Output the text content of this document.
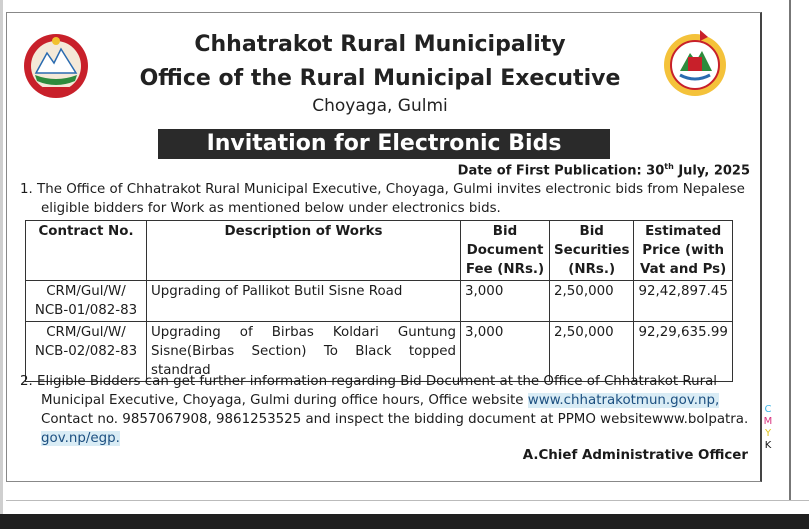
Chhatrakot Rural Municipality
Office of the Rural Municipal Executive
Choyaga, Gulmi
Invitation for Electronic Bids
Date of First Publication: 30th July, 2025
1. The Office of Chhatrakot Rural Municipal Executive, Choyaga, Gulmi invites electronic bids from Nepalese
eligible bidders for Work as mentioned below under electronics bids.
Contract No.	Description of Works	Bid Document Fee (NRs.)	Bid Securities (NRs.)	Estimated Price (with Vat and Ps)
CRM/Gul/W/ NCB-01/082-83	Upgrading of Pallikot Butil Sisne Road	3,000	2,50,000	92,42,897.45
CRM/Gul/W/ NCB-02/082-83	Upgrading of Birbas Koldari Guntung Sisne(Birbas Section) To Black topped standrad	3,000	2,50,000	92,29,635.99
2. Eligible Bidders can get further information regarding Bid Document at the Office of Chhatrakot Rural
Municipal Executive, Choyaga, Gulmi during office hours, Office website www.chhatrakotmun.gov.np,
Contact no. 9857067908, 9861253525 and inspect the bidding document at PPMO websitewww.bolpatra.
gov.np/egp.
A.Chief Administrative Officer
C
M
Y
K
